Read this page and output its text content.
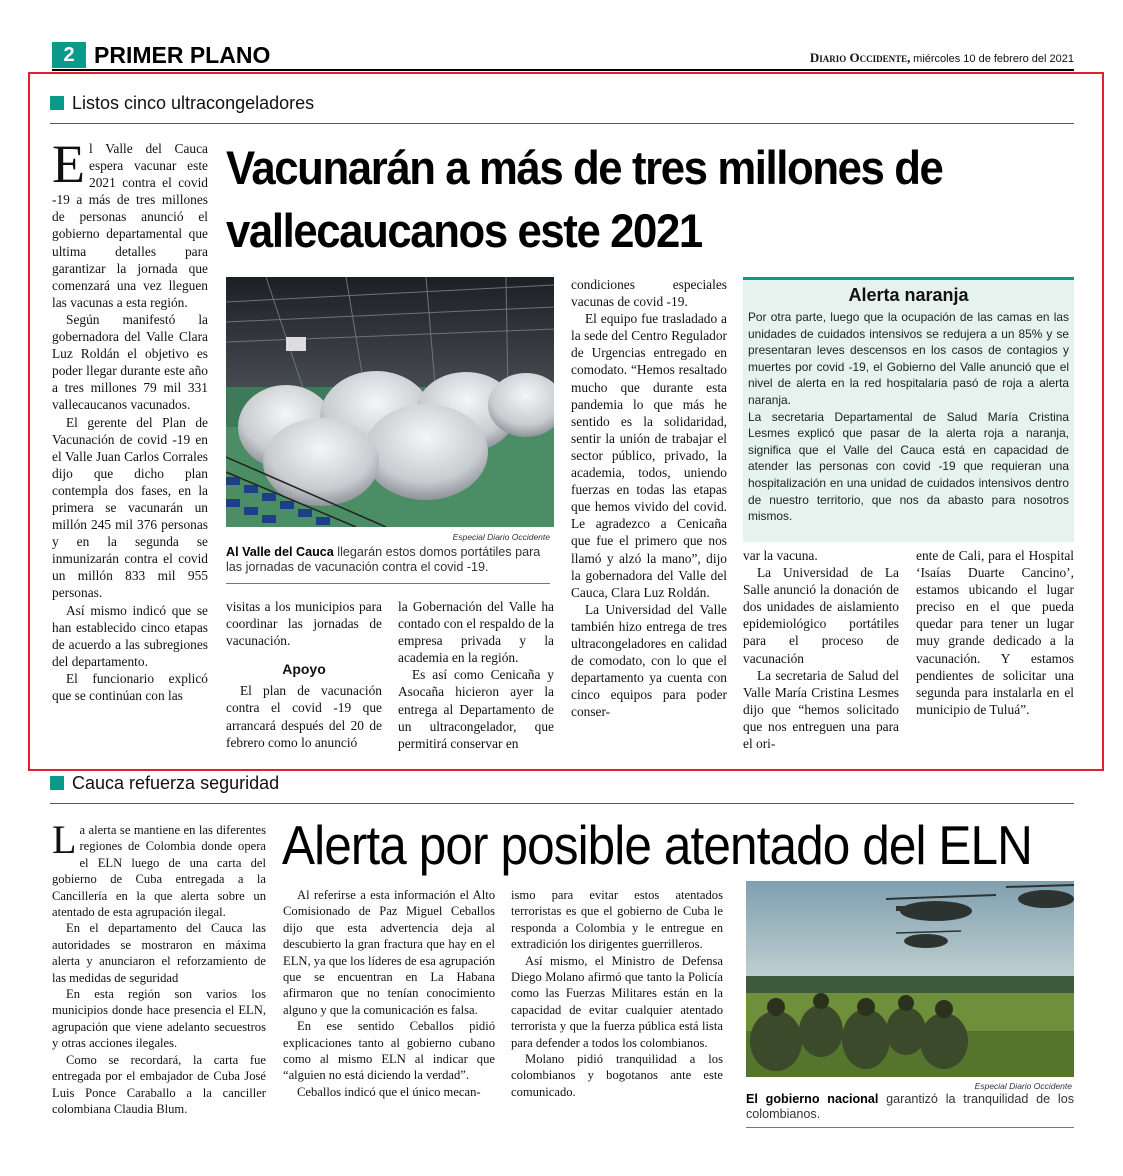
2 PRIMER PLANO	Diario Occidente, miércoles 10 de febrero del 2021
Listos cinco ultracongeladores
Vacunarán a más de tres millones de vallecaucanos este 2021
E l Valle del Cauca espera vacunar este 2021 contra el covid -19 a más de tres millones de personas anunció el gobierno departamental que ultima detalles para garantizar la jornada que comenzará una vez lleguen las vacunas a esta región.

Según manifestó la gobernadora del Valle Clara Luz Roldán el objetivo es poder llegar durante este año a tres millones 79 mil 331 vallecaucanos vacunados.

El gerente del Plan de Vacunación de covid -19 en el Valle Juan Carlos Corrales dijo que dicho plan contempla dos fases, en la primera se vacunarán un millón 245 mil 376 personas y en la segunda se inmunizarán contra el covid un millón 833 mil 955 personas.

Así mismo indicó que se han establecido cinco etapas de acuerdo a las subregiones del departamento.

El funcionario explicó que se continúan con las

Especial Diario Occidente
Al Valle del Cauca llegarán estos domos portátiles para las jornadas de vacunación contra el covid -19.

visitas a los municipios para coordinar las jornadas de vacunación.

Apoyo

El plan de vacunación contra el covid -19 que arrancará después del 20 de febrero como lo anunció

la Gobernación del Valle ha contado con el respaldo de la empresa privada y la academia en la región.

Es así como Cenicaña y Asocaña hicieron ayer la entrega al Departamento de un ultracongelador, que permitirá conservar en

condiciones especiales vacunas de covid -19.

El equipo fue trasladado a la sede del Centro Regulador de Urgencias entregado en comodato. “Hemos resaltado mucho que durante esta pandemia lo que más he sentido es la solidaridad, sentir la unión de trabajar el sector público, privado, la academia, todos, uniendo fuerzas en todas las etapas que hemos vivido del covid. Le agradezco a Cenicaña que fue el primero que nos llamó y alzó la mano”, dijo la gobernadora del Valle del Cauca, Clara Luz Roldán.

La Universidad del Valle también hizo entrega de tres ultracongeladores en calidad de comodato, con lo que el departamento ya cuenta con cinco equipos para poder conser-

Alerta naranja

Por otra parte, luego que la ocupación de las camas en las unidades de cuidados intensivos se redujera a un 85% y se presentaran leves descensos en los casos de contagios y muertes por covid -19, el Gobierno del Valle anunció que el nivel de alerta en la red hospitalaria pasó de roja a alerta naranja.

La secretaria Departamental de Salud María Cristina Lesmes explicó que pasar de la alerta roja a naranja, significa que el Valle del Cauca está en capacidad de atender las personas con covid -19 que requieran una hospitalización en una unidad de cuidados intensivos dentro de nuestro territorio, que nos da abasto para nosotros mismos.

var la vacuna.

La Universidad de La Salle anunció la donación de dos unidades de aislamiento epidemiológico portátiles para el proceso de vacunación

La secretaria de Salud del Valle María Cristina Lesmes dijo que “hemos solicitado que nos entreguen una para el ori-

ente de Cali, para el Hospital ‘Isaías Duarte Cancino’, estamos ubicando el lugar preciso en el que pueda quedar para tener un lugar muy grande dedicado a la vacunación. Y estamos pendientes de solicitar una segunda para instalarla en el municipio de Tuluá”.

Cauca refuerza seguridad
Alerta por posible atentado del ELN
L a alerta se mantiene en las diferentes regiones de Colombia donde opera el ELN luego de una carta del gobierno de Cuba entregada a la Cancillería en la que alerta sobre un atentado de esta agrupación ilegal.

En el departamento del Cauca las autoridades se mostraron en máxima alerta y anunciaron el reforzamiento de las medidas de seguridad

En esta región son varios los municipios donde hace presencia el ELN, agrupación que viene adelanto secuestros y otras acciones ilegales.

Como se recordará, la carta fue entregada por el embajador de Cuba José Luis Ponce Caraballo a la canciller colombiana Claudia Blum.

Al referirse a esta información el Alto Comisionado de Paz Miguel Ceballos dijo que esta advertencia deja al descubierto la gran fractura que hay en el ELN, ya que los líderes de esa agrupación que se encuentran en La Habana afirmaron que no tenían conocimiento alguno y que la comunicación es falsa.

En ese sentido Ceballos pidió explicaciones tanto al gobierno cubano como al mismo ELN al indicar que “alguien no está diciendo la verdad”.

Ceballos indicó que el único mecan-

ismo para evitar estos atentados terroristas es que el gobierno de Cuba le responda a Colombia y le entregue en extradición los dirigentes guerrilleros.

Así mismo, el Ministro de Defensa Diego Molano afirmó que tanto la Policía como las Fuerzas Militares están en la capacidad de evitar cualquier atentado terrorista y que la fuerza pública está lista para defender a todos los colombianos.

Molano pidió tranquilidad a los colombianos y bogotanos ante este comunicado.	Especial Diario Occidente
El gobierno nacional garantizó la tranquilidad de los colombianos.
